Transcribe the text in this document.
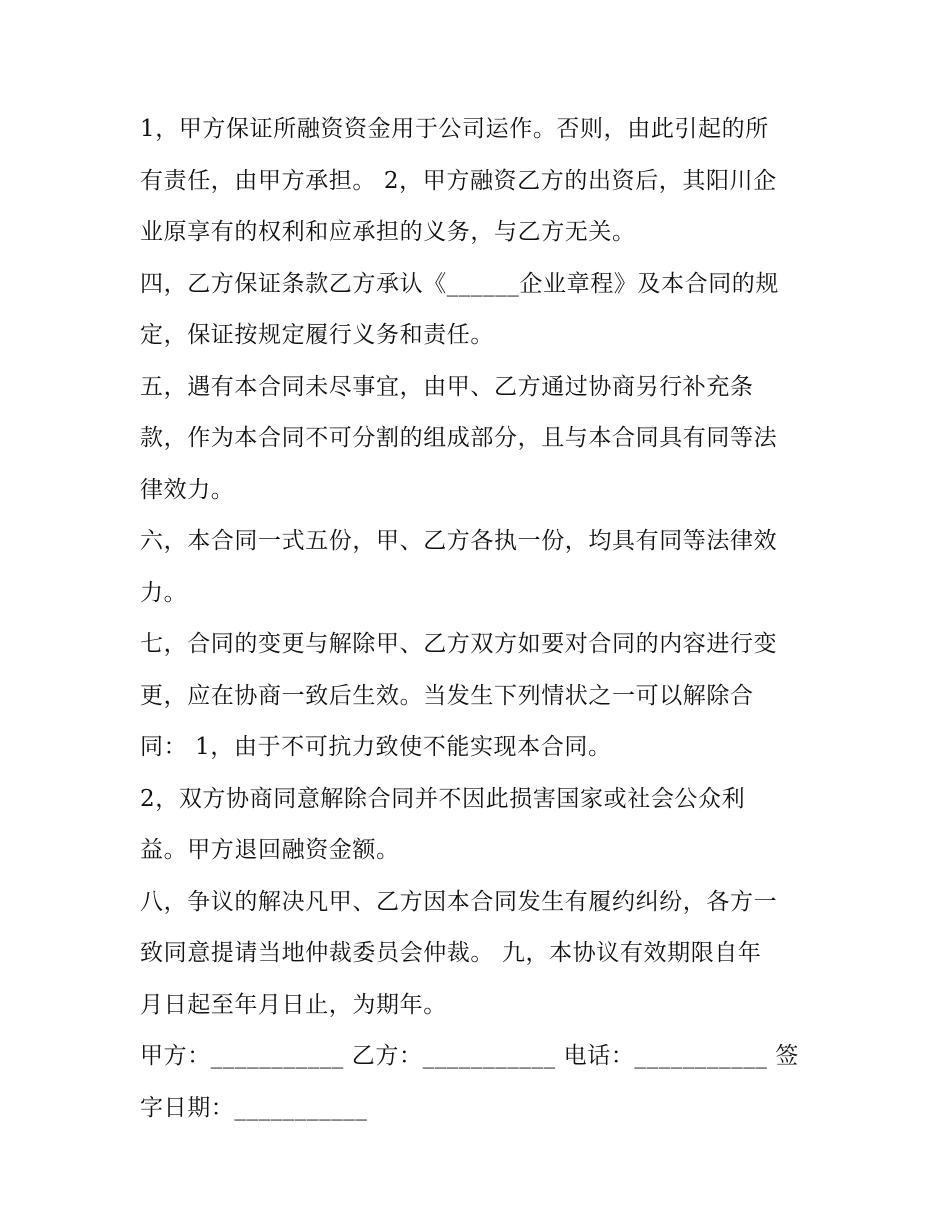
1，甲方保证所融资资金用于公司运作。否则，由此引起的所
有责任，由甲方承担。 2，甲方融资乙方的出资后，其阳川企
业原享有的权利和应承担的义务，与乙方无关。
四，乙方保证条款乙方承认《______企业章程》及本合同的规
定，保证按规定履行义务和责任。
五，遇有本合同未尽事宜，由甲、乙方通过协商另行补充条
款，作为本合同不可分割的组成部分，且与本合同具有同等法
律效力。
六，本合同一式五份，甲、乙方各执一份，均具有同等法律效
力。
七，合同的变更与解除甲、乙方双方如要对合同的内容进行变
更，应在协商一致后生效。当发生下列情状之一可以解除合
同： 1，由于不可抗力致使不能实现本合同。
2，双方协商同意解除合同并不因此损害国家或社会公众利
益。甲方退回融资金额。
八，争议的解决凡甲、乙方因本合同发生有履约纠纷，各方一
致同意提请当地仲裁委员会仲裁。 九，本协议有效期限自年
月日起至年月日止，为期年。
甲方：___________ 乙方：___________ 电话：___________ 签
字日期：___________
